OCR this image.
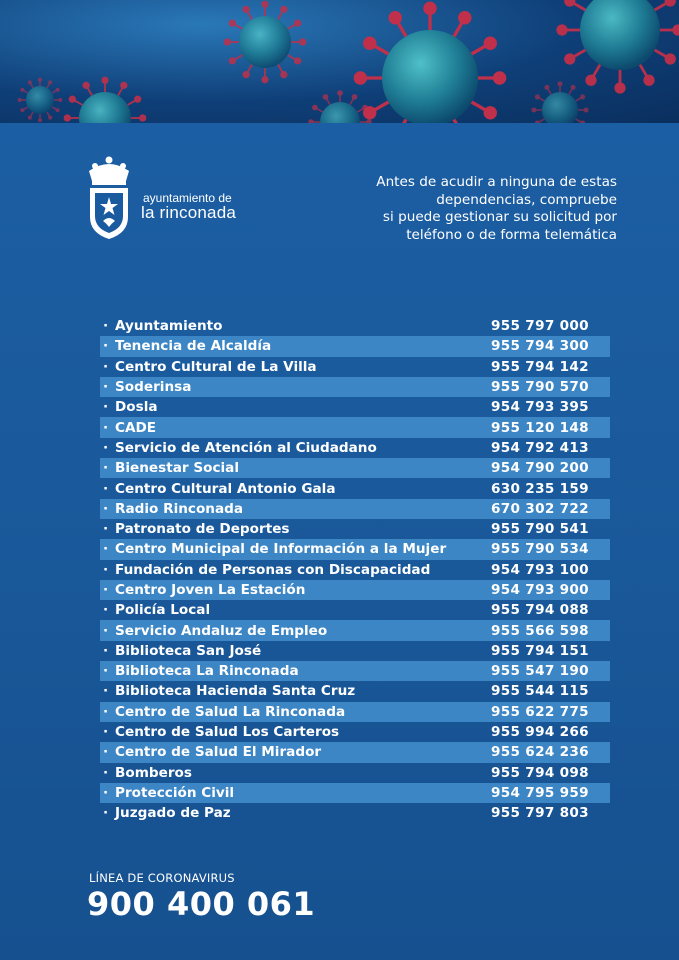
ayuntamiento de
la rinconada
Antes de acudir a ninguna de estas
dependencias, compruebe
si puede gestionar su solicitud por
teléfono o de forma telemática
· Ayuntamiento	955 797 000
· Tenencia de Alcaldía	955 794 300
· Centro Cultural de La Villa	955 794 142
· Soderinsa	955 790 570
· Dosla	954 793 395
· CADE	955 120 148
· Servicio de Atención al Ciudadano	954 792 413
· Bienestar Social	954 790 200
· Centro Cultural Antonio Gala	630 235 159
· Radio Rinconada	670 302 722
· Patronato de Deportes	955 790 541
· Centro Municipal de Información a la Mujer	955 790 534
· Fundación de Personas con Discapacidad	954 793 100
· Centro Joven La Estación	954 793 900
· Policía Local	955 794 088
· Servicio Andaluz de Empleo	955 566 598
· Biblioteca San José	955 794 151
· Biblioteca La Rinconada	955 547 190
· Biblioteca Hacienda Santa Cruz	955 544 115
· Centro de Salud La Rinconada	955 622 775
· Centro de Salud Los Carteros	955 994 266
· Centro de Salud El Mirador	955 624 236
· Bomberos	955 794 098
· Protección Civil	954 795 959
· Juzgado de Paz	955 797 803
LÍNEA DE CORONAVIRUS
900 400 061
